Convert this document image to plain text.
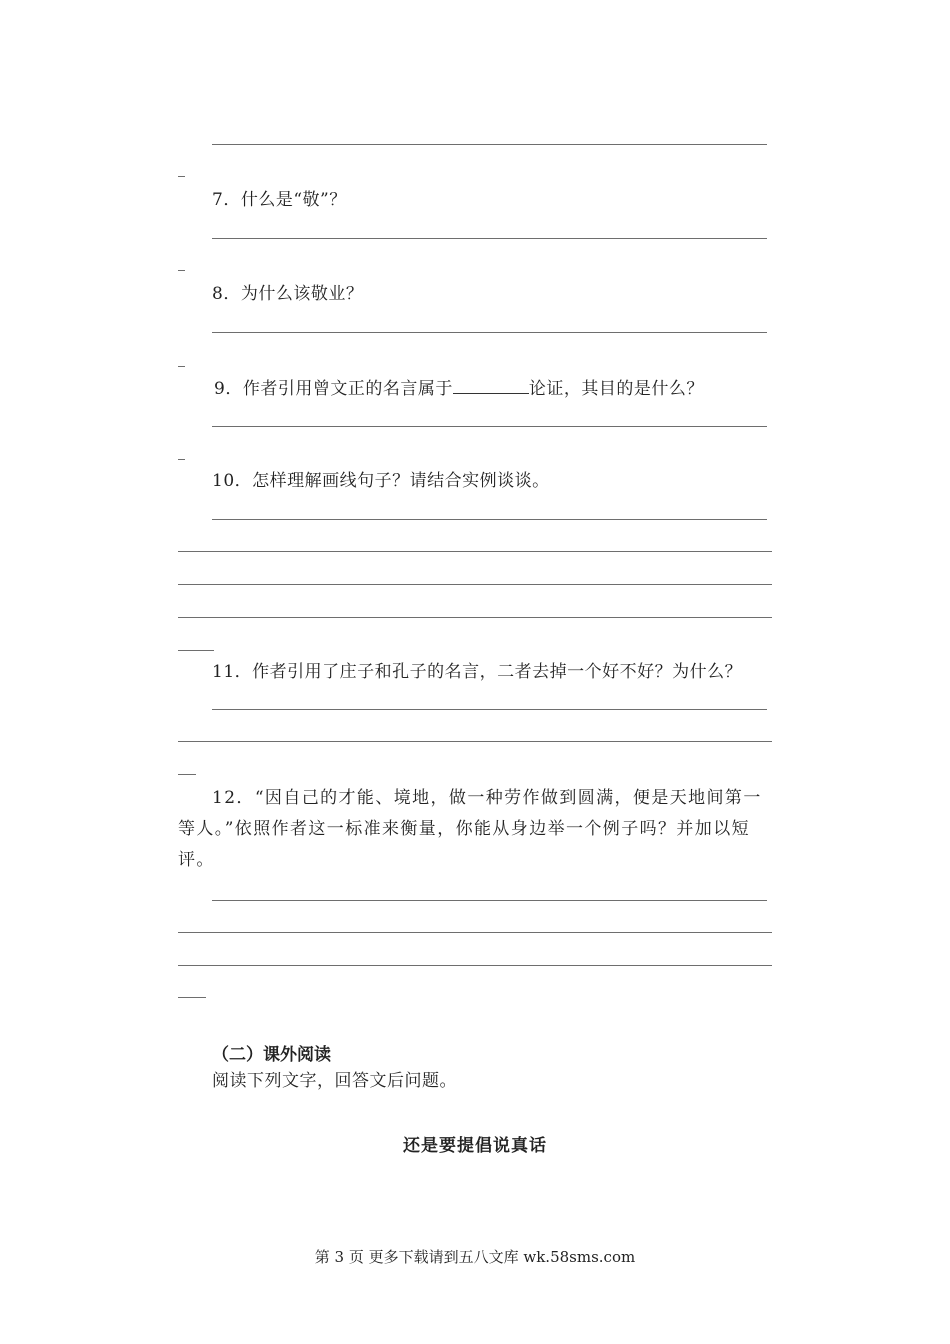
7．什么是“敬”？
8．为什么该敬业？
9．作者引用曾文正的名言属于	论证，其目的是什么？
10．怎样理解画线句子？请结合实例谈谈。
11．作者引用了庄子和孔子的名言，二者去掉一个好不好？为什么？
12．“因自己的才能、境地，做一种劳作做到圆满，便是天地间第一等人。”依照作者这一标准来衡量，你能从身边举一个例子吗？并加以短评。
（二）课外阅读
阅读下列文字，回答文后问题。
还是要提倡说真话
第 3 页 更多下载请到五八文库 wk.58sms.com
